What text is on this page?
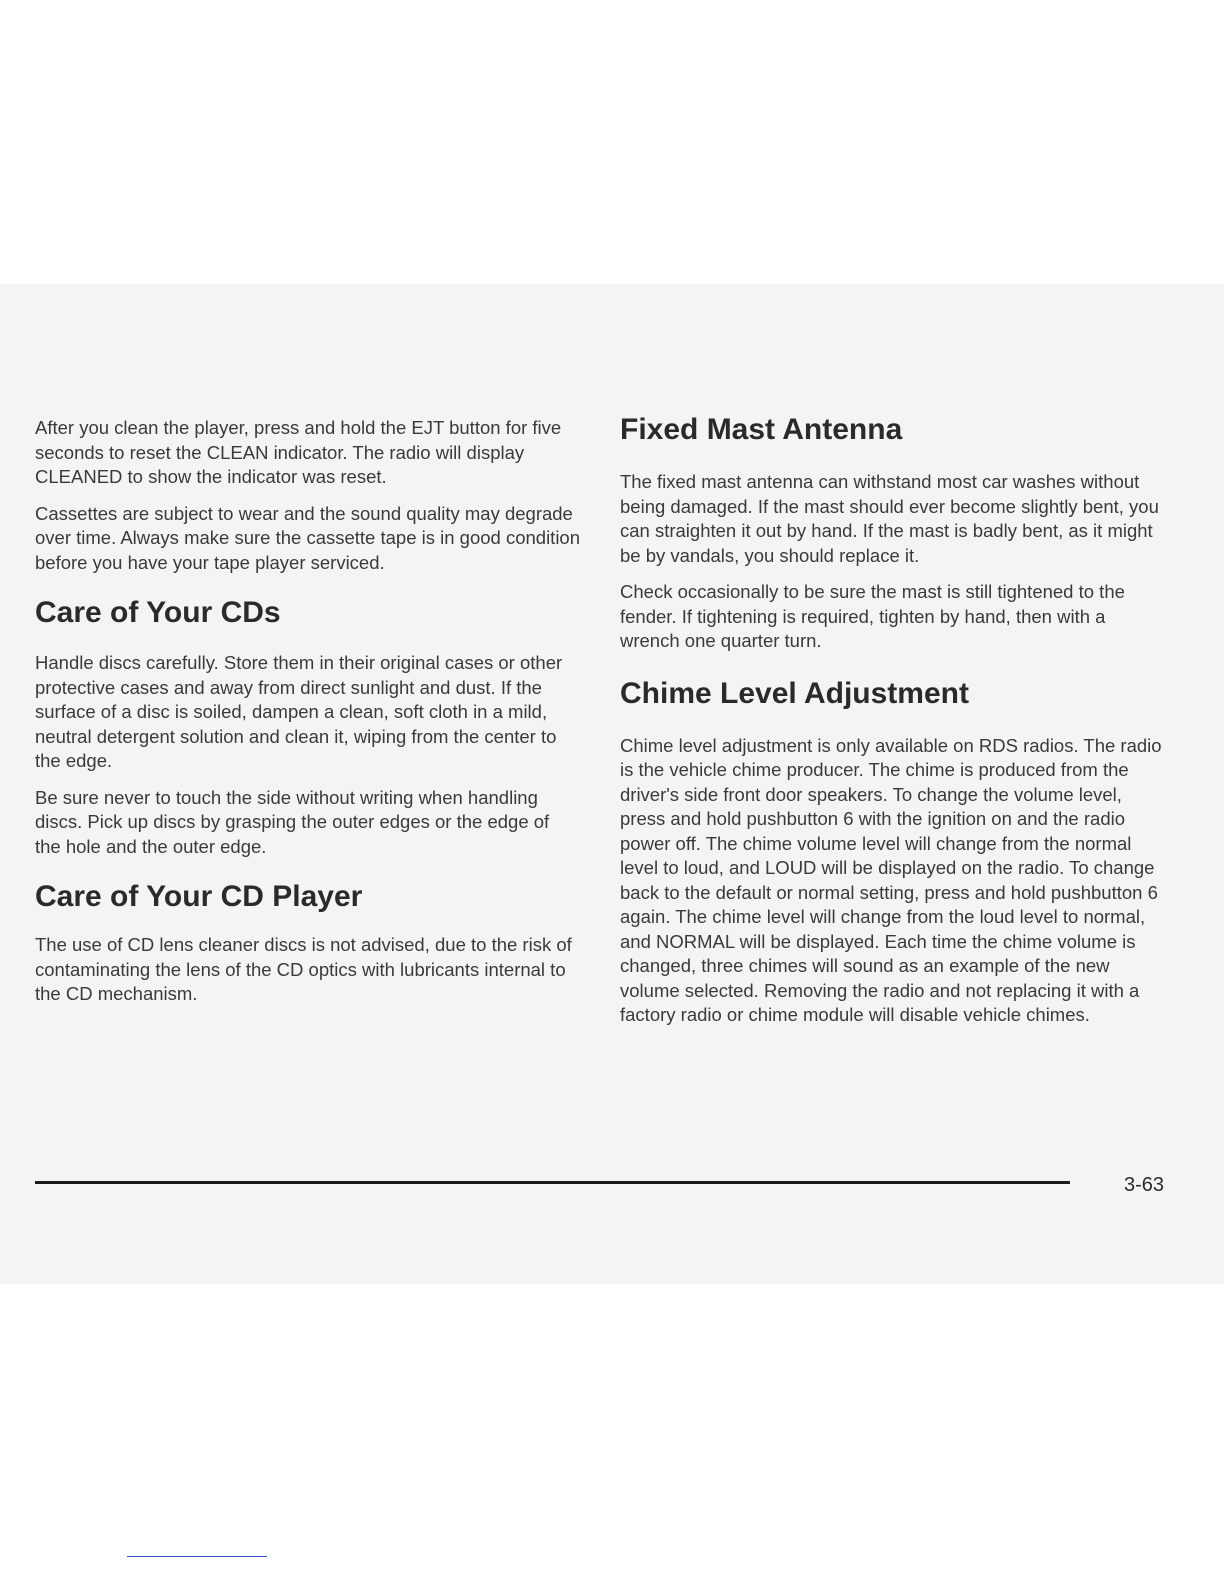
After you clean the player, press and hold the EJT button for five seconds to reset the CLEAN indicator. The radio will display CLEANED to show the indicator was reset.

Cassettes are subject to wear and the sound quality may degrade over time. Always make sure the cassette tape is in good condition before you have your tape player serviced.

Care of Your CDs

Handle discs carefully. Store them in their original cases or other protective cases and away from direct sunlight and dust. If the surface of a disc is soiled, dampen a clean, soft cloth in a mild, neutral detergent solution and clean it, wiping from the center to the edge.

Be sure never to touch the side without writing when handling discs. Pick up discs by grasping the outer edges or the edge of the hole and the outer edge.

Care of Your CD Player

The use of CD lens cleaner discs is not advised, due to the risk of contaminating the lens of the CD optics with lubricants internal to the CD mechanism.

Fixed Mast Antenna

The fixed mast antenna can withstand most car washes without being damaged. If the mast should ever become slightly bent, you can straighten it out by hand. If the mast is badly bent, as it might be by vandals, you should replace it.

Check occasionally to be sure the mast is still tightened to the fender. If tightening is required, tighten by hand, then with a wrench one quarter turn.

Chime Level Adjustment

Chime level adjustment is only available on RDS radios. The radio is the vehicle chime producer. The chime is produced from the driver's side front door speakers. To change the volume level, press and hold pushbutton 6 with the ignition on and the radio power off. The chime volume level will change from the normal level to loud, and LOUD will be displayed on the radio. To change back to the default or normal setting, press and hold pushbutton 6 again. The chime level will change from the loud level to normal, and NORMAL will be displayed. Each time the chime volume is changed, three chimes will sound as an example of the new volume selected. Removing the radio and not replacing it with a factory radio or chime module will disable vehicle chimes.

3-63
